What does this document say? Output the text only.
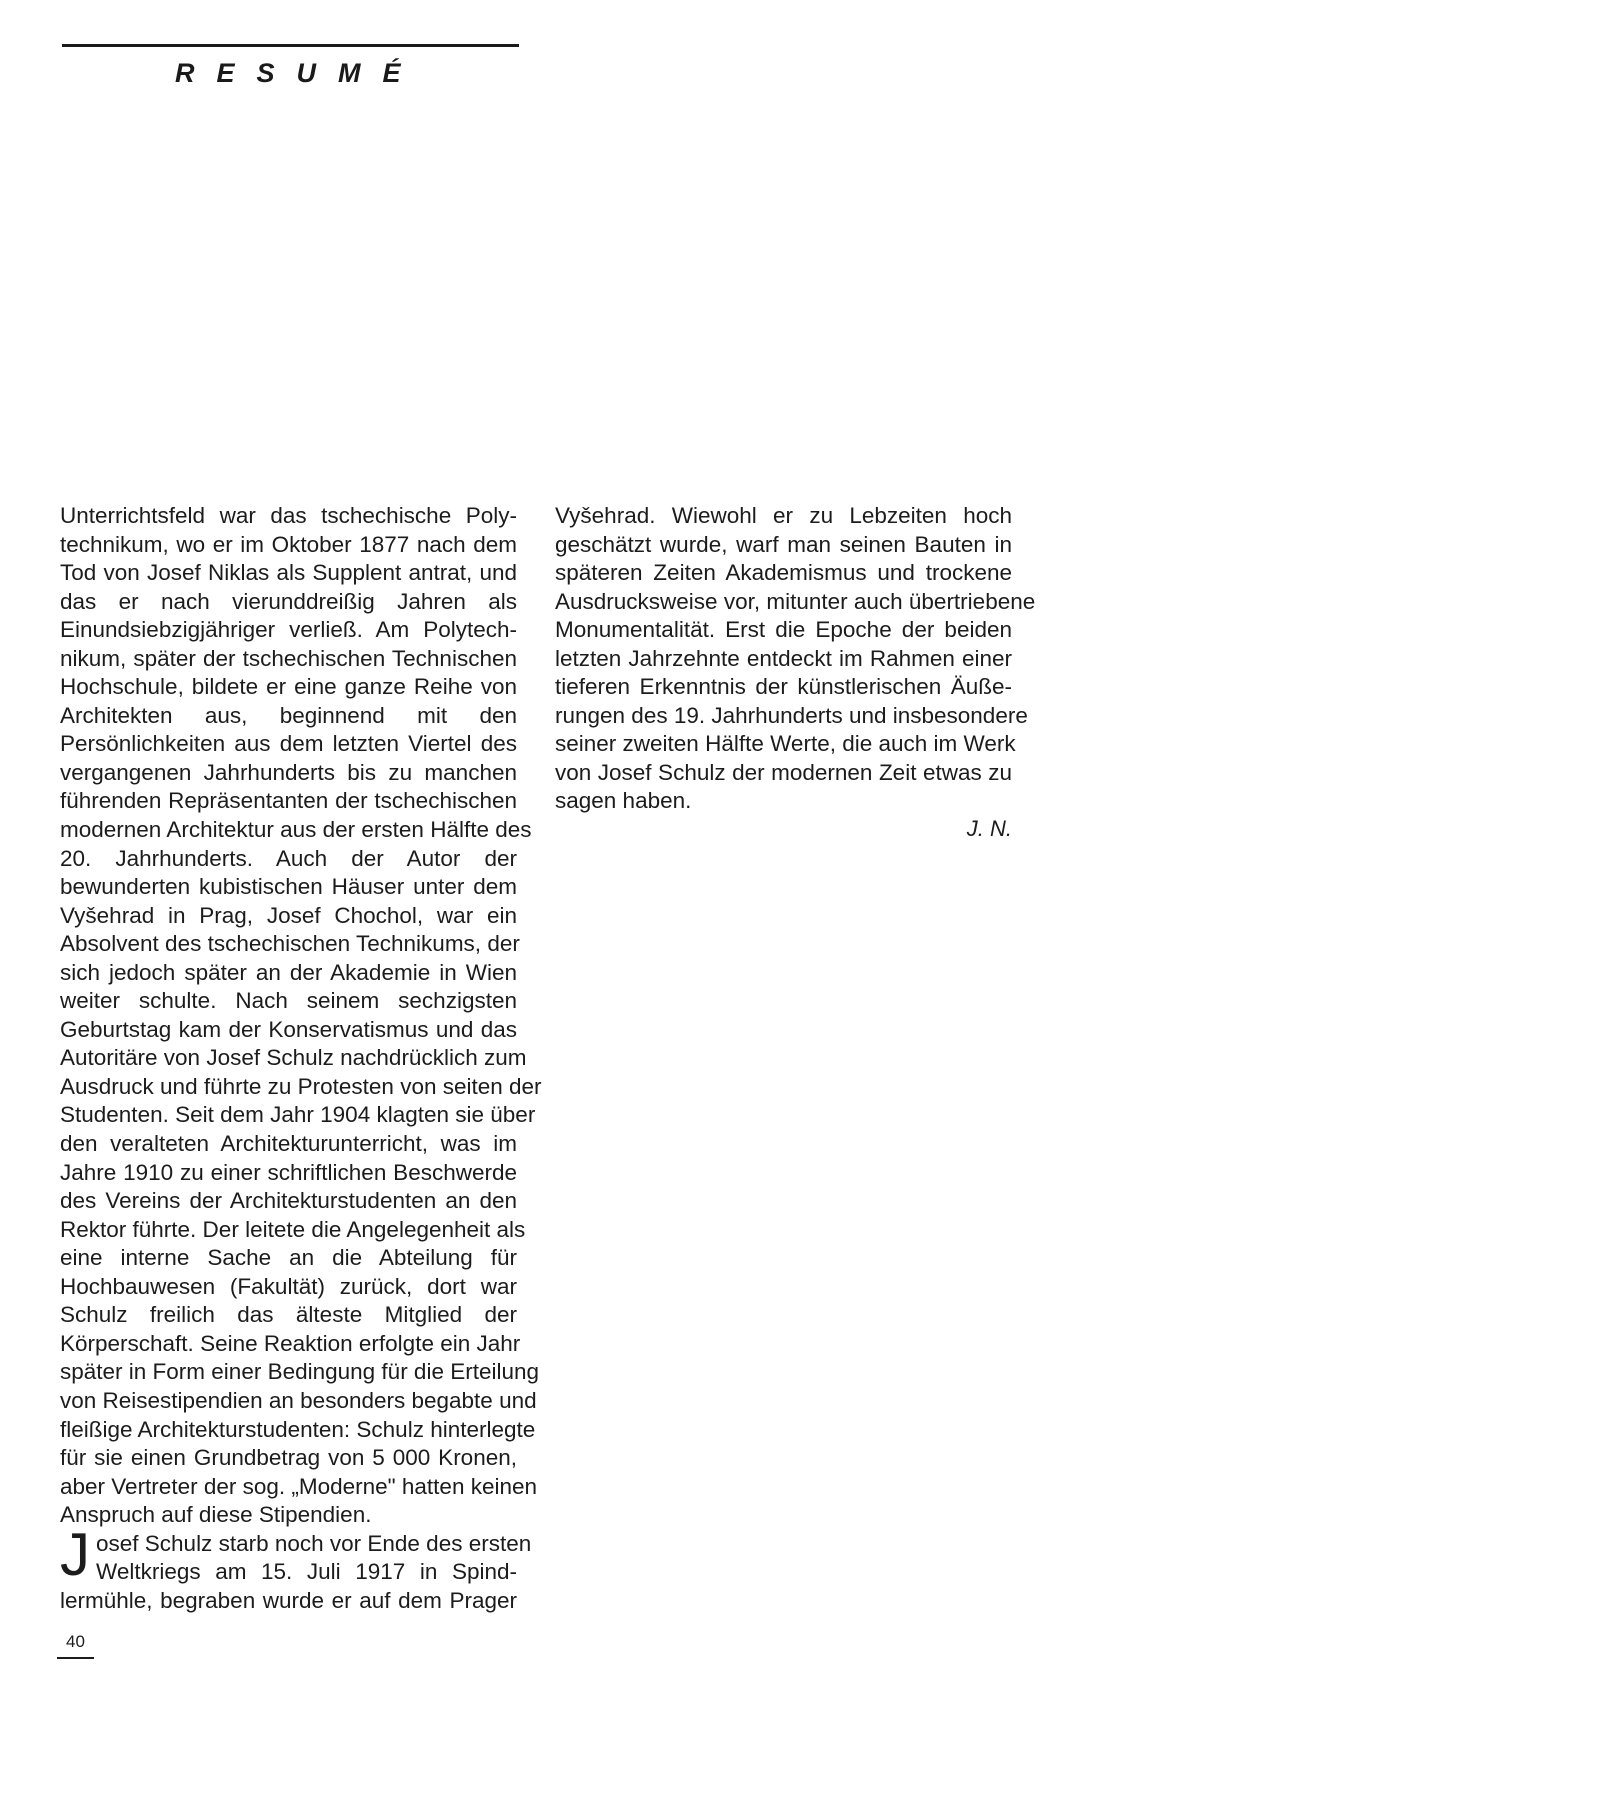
R E S U M É
Unterrichtsfeld war das tschechische Poly-
technikum, wo er im Oktober 1877 nach dem
Tod von Josef Niklas als Supplent antrat, und
das er nach vierunddreißig Jahren als
Einundsiebzigjähriger verließ. Am Polytech-
nikum, später der tschechischen Technischen
Hochschule, bildete er eine ganze Reihe von
Architekten aus, beginnend mit den
Persönlichkeiten aus dem letzten Viertel des
vergangenen Jahrhunderts bis zu manchen
führenden Repräsentanten der tschechischen
modernen Architektur aus der ersten Hälfte des
20. Jahrhunderts. Auch der Autor der
bewunderten kubistischen Häuser unter dem
Vyšehrad in Prag, Josef Chochol, war ein
Absolvent des tschechischen Technikums, der
sich jedoch später an der Akademie in Wien
weiter schulte. Nach seinem sechzigsten
Geburtstag kam der Konservatismus und das
Autoritäre von Josef Schulz nachdrücklich zum
Ausdruck und führte zu Protesten von seiten der
Studenten. Seit dem Jahr 1904 klagten sie über
den veralteten Architekturunterricht, was im
Jahre 1910 zu einer schriftlichen Beschwerde
des Vereins der Architekturstudenten an den
Rektor führte. Der leitete die Angelegenheit als
eine interne Sache an die Abteilung für
Hochbauwesen (Fakultät) zurück, dort war
Schulz freilich das älteste Mitglied der
Körperschaft. Seine Reaktion erfolgte ein Jahr
später in Form einer Bedingung für die Erteilung
von Reisestipendien an besonders begabte und
fleißige Architekturstudenten: Schulz hinterlegte
für sie einen Grundbetrag von 5 000 Kronen,
aber Vertreter der sog. „Moderne" hatten keinen
Anspruch auf diese Stipendien.
osef Schulz starb noch vor Ende des ersten
Weltkriegs am 15. Juli 1917 in Spind-
lermühle, begraben wurde er auf dem Prager
Vyšehrad. Wiewohl er zu Lebzeiten hoch
geschätzt wurde, warf man seinen Bauten in
späteren Zeiten Akademismus und trockene
Ausdrucksweise vor, mitunter auch übertriebene
Monumentalität. Erst die Epoche der beiden
letzten Jahrzehnte entdeckt im Rahmen einer
tieferen Erkenntnis der künstlerischen Äuße-
rungen des 19. Jahrhunderts und insbesondere
seiner zweiten Hälfte Werte, die auch im Werk
von Josef Schulz der modernen Zeit etwas zu
sagen haben.
J
J. N.
40
